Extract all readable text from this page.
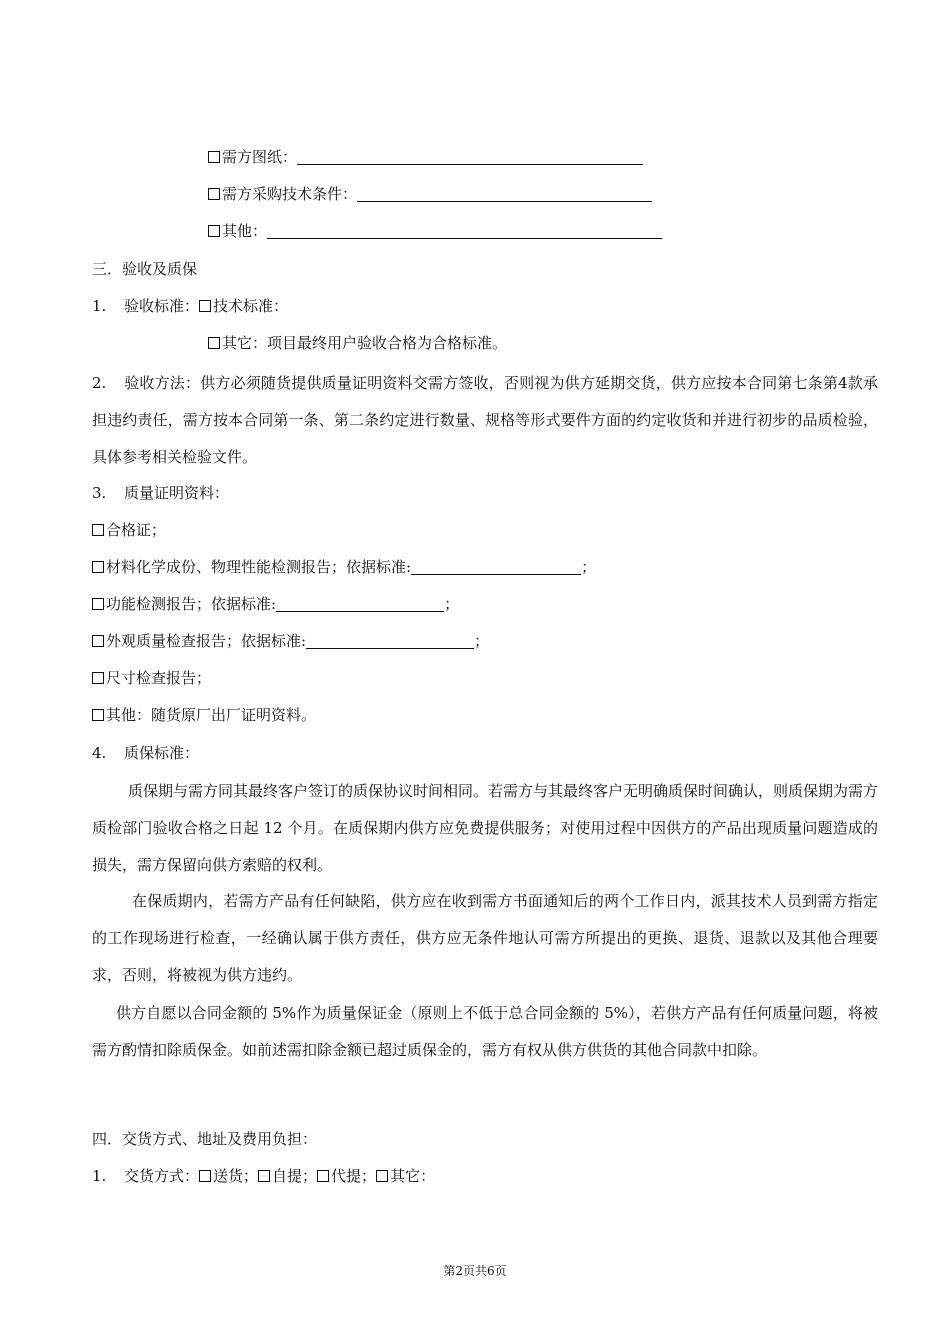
需方图纸：
需方采购技术条件：
其他：
三．验收及质保
1. 验收标准： 技术标准：
其它：项目最终用户验收合格为合格标准。
2. 验收方法：供方必须随货提供质量证明资料交需方签收，否则视为供方延期交货，供方应按本合同第七条第4款承担违约责任，需方按本合同第一条、第二条约定进行数量、规格等形式要件方面的约定收货和并进行初步的品质检验，具体参考相关检验文件。
3. 质量证明资料：
合格证；
材料化学成份、物理性能检测报告；依据标准:	；
功能检测报告；依据标准:	；
外观质量检查报告；依据标准:	；
尺寸检查报告；
其他：随货原厂出厂证明资料。
4. 质保标准：
质保期与需方同其最终客户签订的质保协议时间相同。若需方与其最终客户无明确质保时间确认，则质保期为需方质检部门验收合格之日起 12 个月。在质保期内供方应免费提供服务；对使用过程中因供方的产品出现质量问题造成的损失，需方保留向供方索赔的权利。
在保质期内，若需方产品有任何缺陷，供方应在收到需方书面通知后的两个工作日内，派其技术人员到需方指定的工作现场进行检查，一经确认属于供方责任，供方应无条件地认可需方所提出的更换、退货、退款以及其他合理要求，否则，将被视为供方违约。
供方自愿以合同金额的 5%作为质量保证金（原则上不低于总合同金额的 5%），若供方产品有任何质量问题，将被需方酌情扣除质保金。如前述需扣除金额已超过质保金的，需方有权从供方供货的其他合同款中扣除。
四．交货方式、地址及费用负担：
1. 交货方式： 送货； 自提； 代提； 其它：
第2页共6页
